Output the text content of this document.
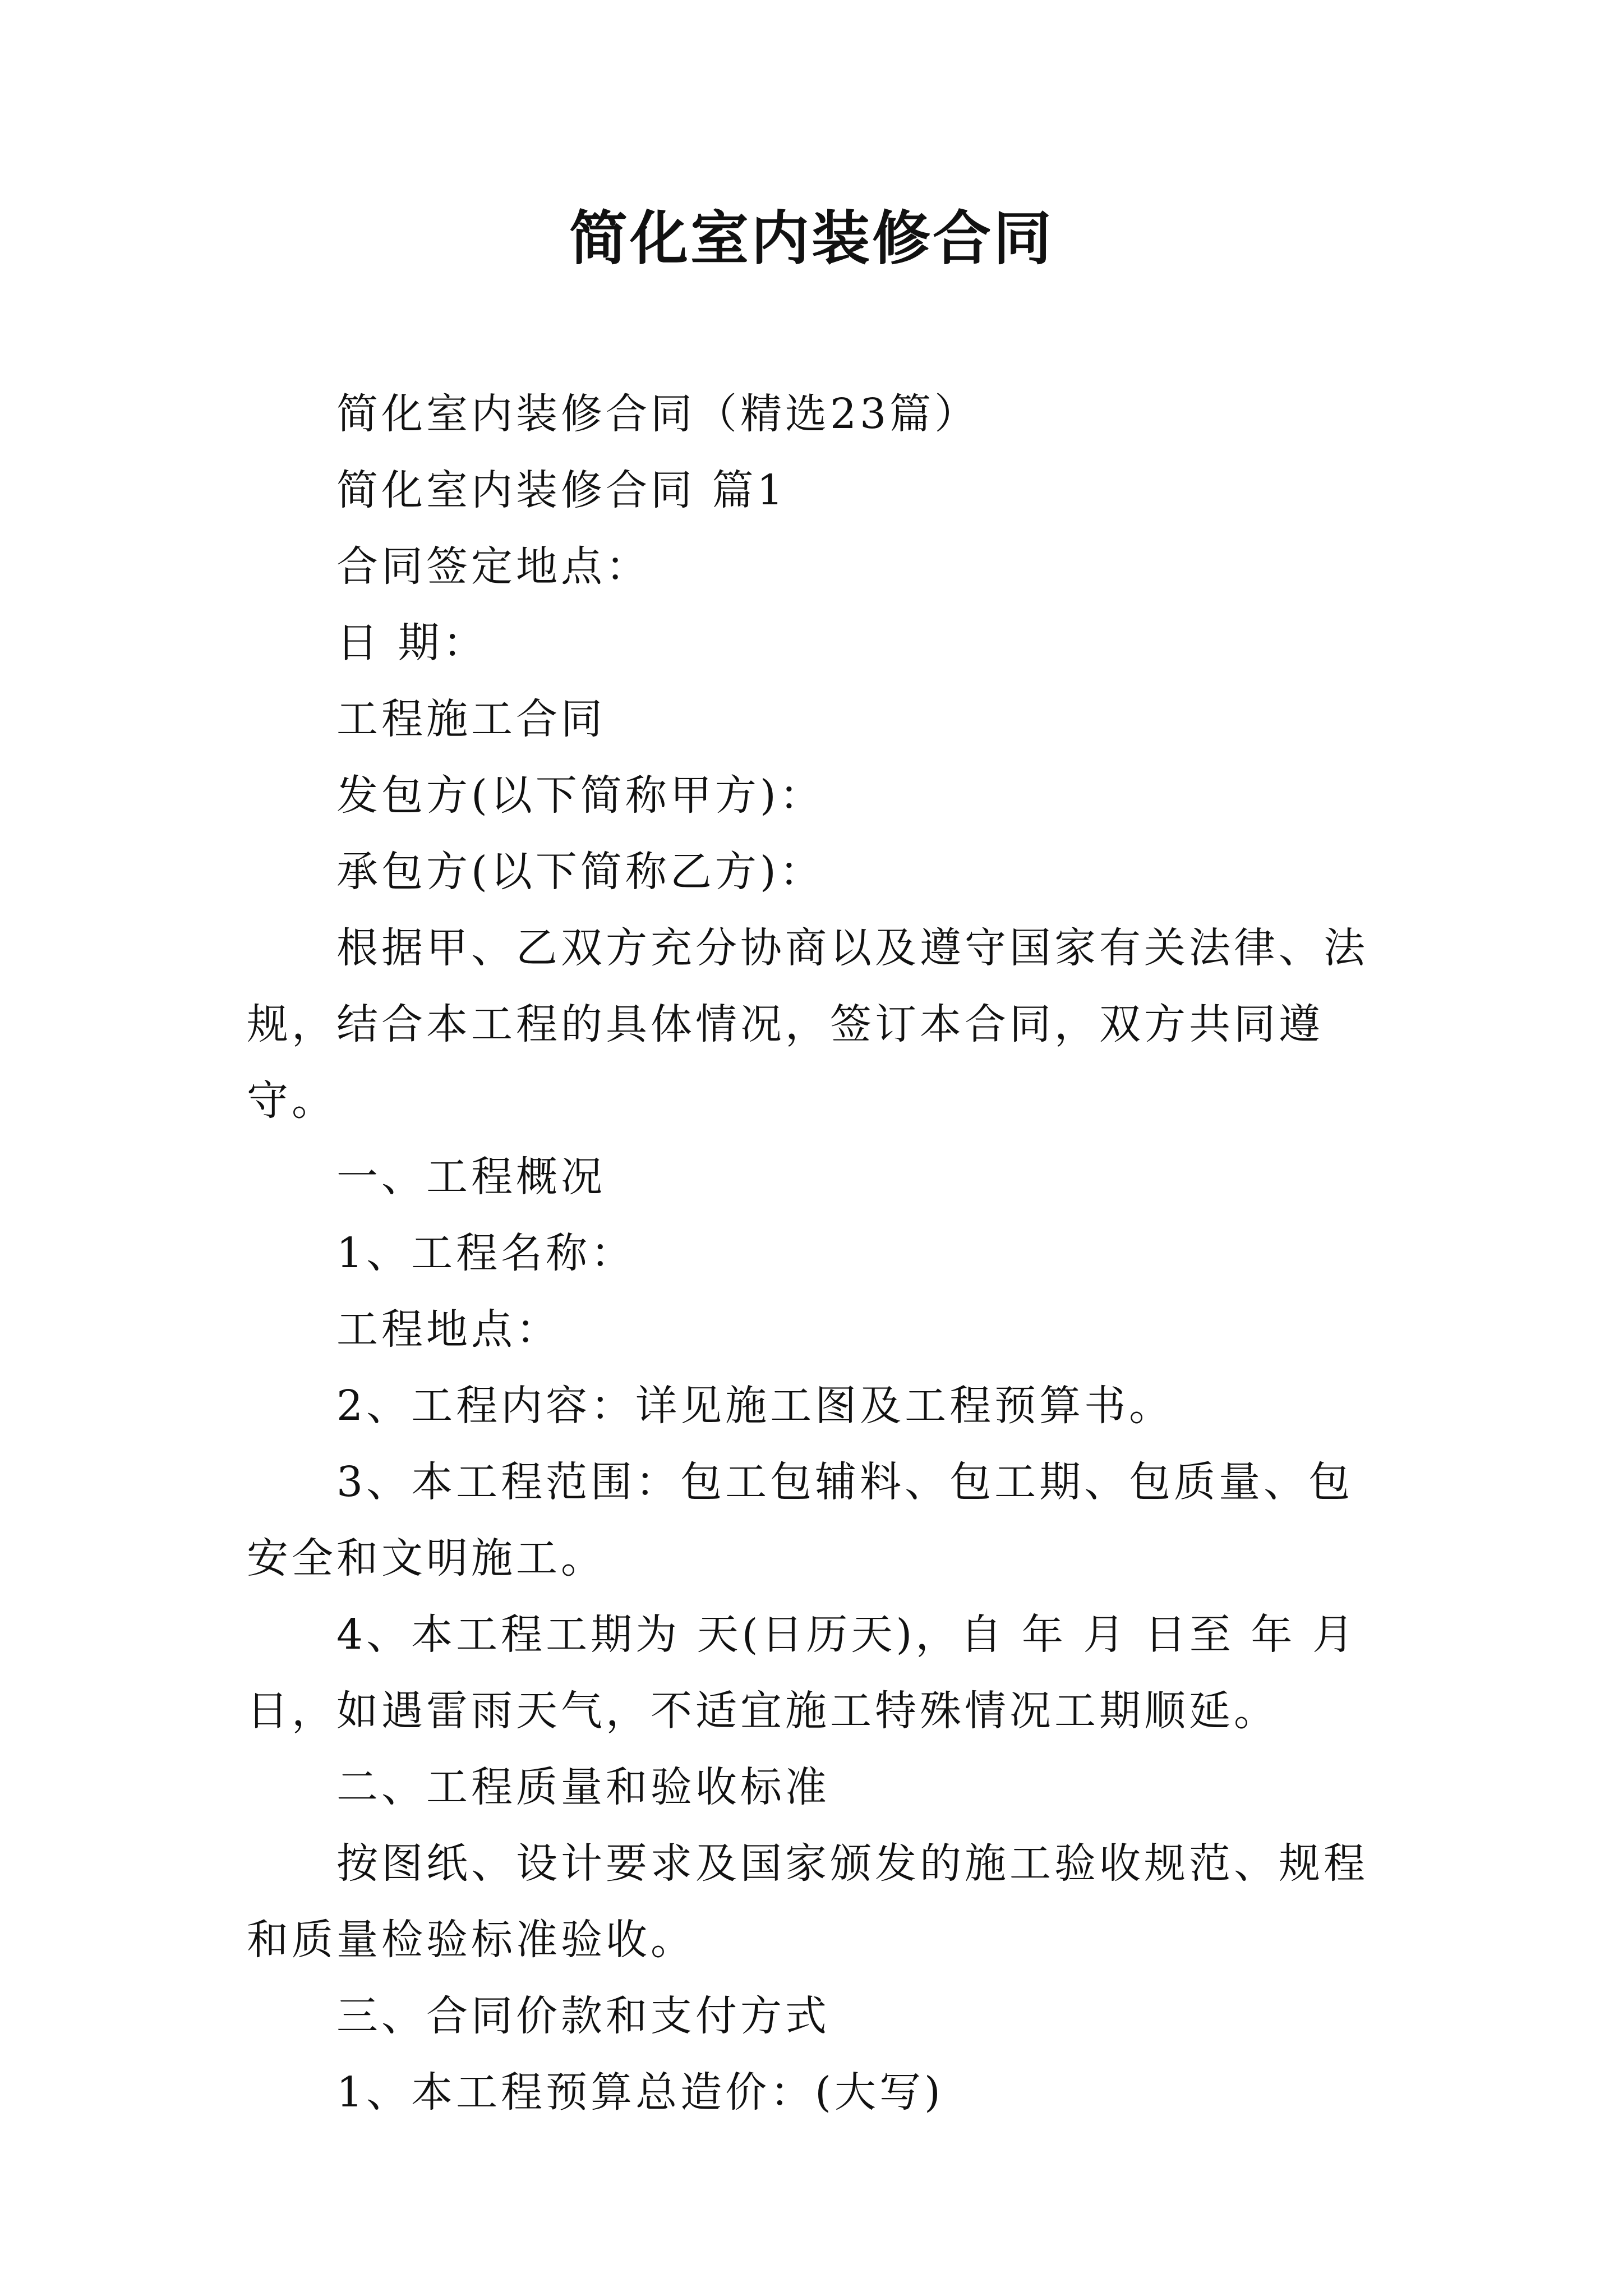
简化室内装修合同

简化室内装修合同（精选23篇）

简化室内装修合同 篇1

合同签定地点：

日 期：

工程施工合同

发包方(以下简称甲方)：

承包方(以下简称乙方)：

根据甲、乙双方充分协商以及遵守国家有关法律、法规，结合本工程的具体情况，签订本合同，双方共同遵守。

一、工程概况

1、工程名称：

工程地点：

2、工程内容：详见施工图及工程预算书。

3、本工程范围：包工包辅料、包工期、包质量、包安全和文明施工。

4、本工程工期为 天(日历天)，自 年 月 日至 年 月日，如遇雷雨天气，不适宜施工特殊情况工期顺延。

二、工程质量和验收标准

按图纸、设计要求及国家颁发的施工验收规范、规程和质量检验标准验收。

三、合同价款和支付方式

1、本工程预算总造价：(大写)
